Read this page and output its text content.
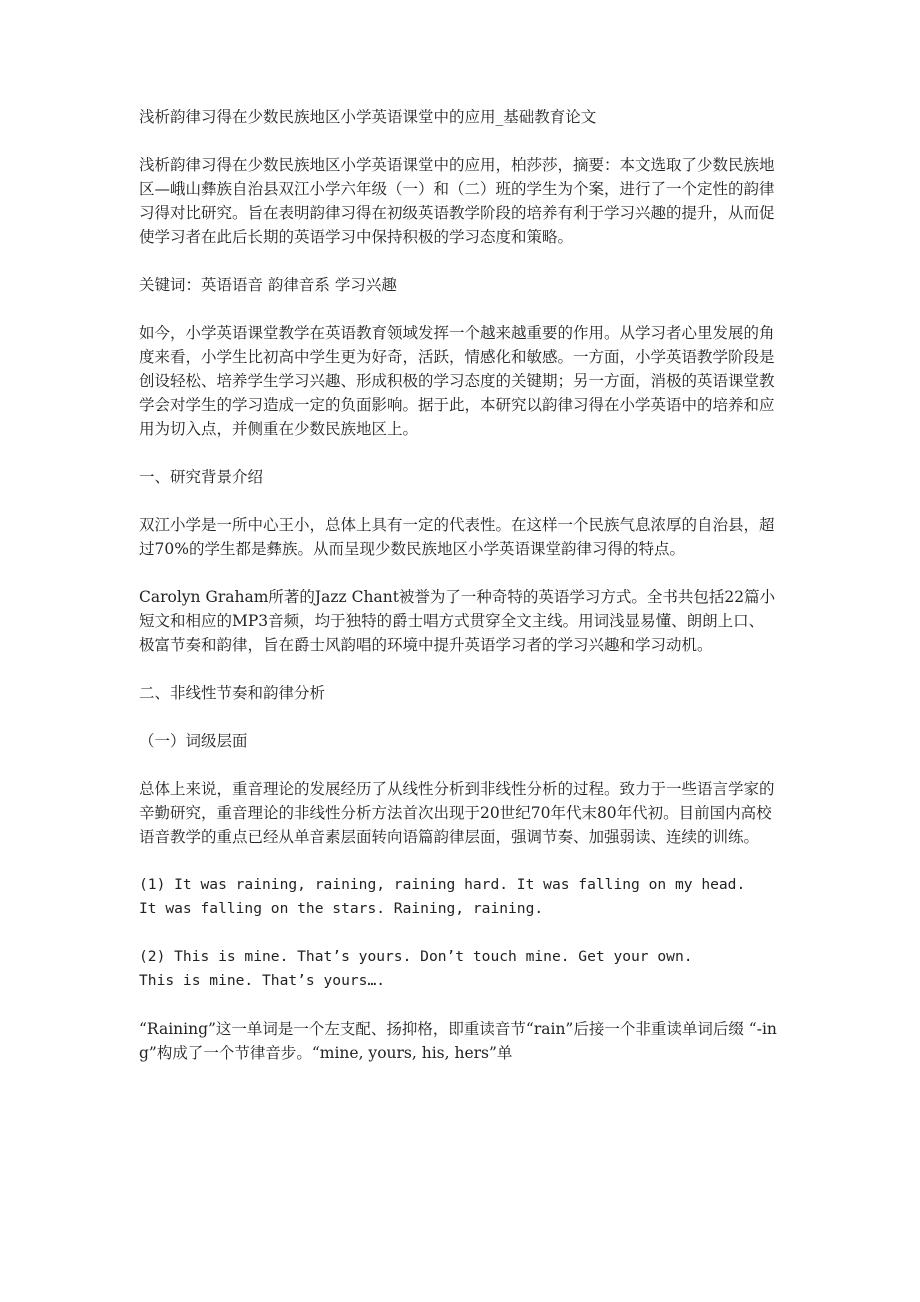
浅析韵律习得在少数民族地区小学英语课堂中的应用_基础教育论文

浅析韵律习得在少数民族地区小学英语课堂中的应用，柏莎莎，摘要：本文选取了少数民族地区—峨山彝族自治县双江小学六年级（一）和（二）班的学生为个案，进行了一个定性的韵律习得对比研究。旨在表明韵律习得在初级英语教学阶段的培养有利于学习兴趣的提升，从而促使学习者在此后长期的英语学习中保持积极的学习态度和策略。

关键词：英语语音 韵律音系 学习兴趣

如今，小学英语课堂教学在英语教育领域发挥一个越来越重要的作用。从学习者心里发展的角度来看，小学生比初高中学生更为好奇，活跃，情感化和敏感。一方面，小学英语教学阶段是创设轻松、培养学生学习兴趣、形成积极的学习态度的关键期；另一方面，消极的英语课堂教学会对学生的学习造成一定的负面影响。据于此，本研究以韵律习得在小学英语中的培养和应用为切入点，并侧重在少数民族地区上。

一、研究背景介绍

双江小学是一所中心王小，总体上具有一定的代表性。在这样一个民族气息浓厚的自治县，超过70%的学生都是彝族。从而呈现少数民族地区小学英语课堂韵律习得的特点。

Carolyn Graham所著的Jazz Chant被誉为了一种奇特的英语学习方式。全书共包括22篇小短文和相应的MP3音频，均于独特的爵士唱方式贯穿全文主线。用词浅显易懂、朗朗上口、极富节奏和韵律，旨在爵士风韵唱的环境中提升英语学习者的学习兴趣和学习动机。

二、非线性节奏和韵律分析

（一）词级层面

总体上来说，重音理论的发展经历了从线性分析到非线性分析的过程。致力于一些语言学家的辛勤研究，重音理论的非线性分析方法首次出现于20世纪70年代末80年代初。目前国内高校语音教学的重点已经从单音素层面转向语篇韵律层面，强调节奏、加强弱读、连续的训练。

(1) It was raining, raining, raining hard. It was falling on my head.
It was falling on the stars. Raining, raining.
(2) This is mine. That’s yours. Don’t touch mine. Get your own.
This is mine. That’s yours….

“Raining”这一单词是一个左支配、扬抑格，即重读音节“rain”后接一个非重读单词后缀 “-ing”构成了一个节律音步。“mine, yours, his, hers”单
